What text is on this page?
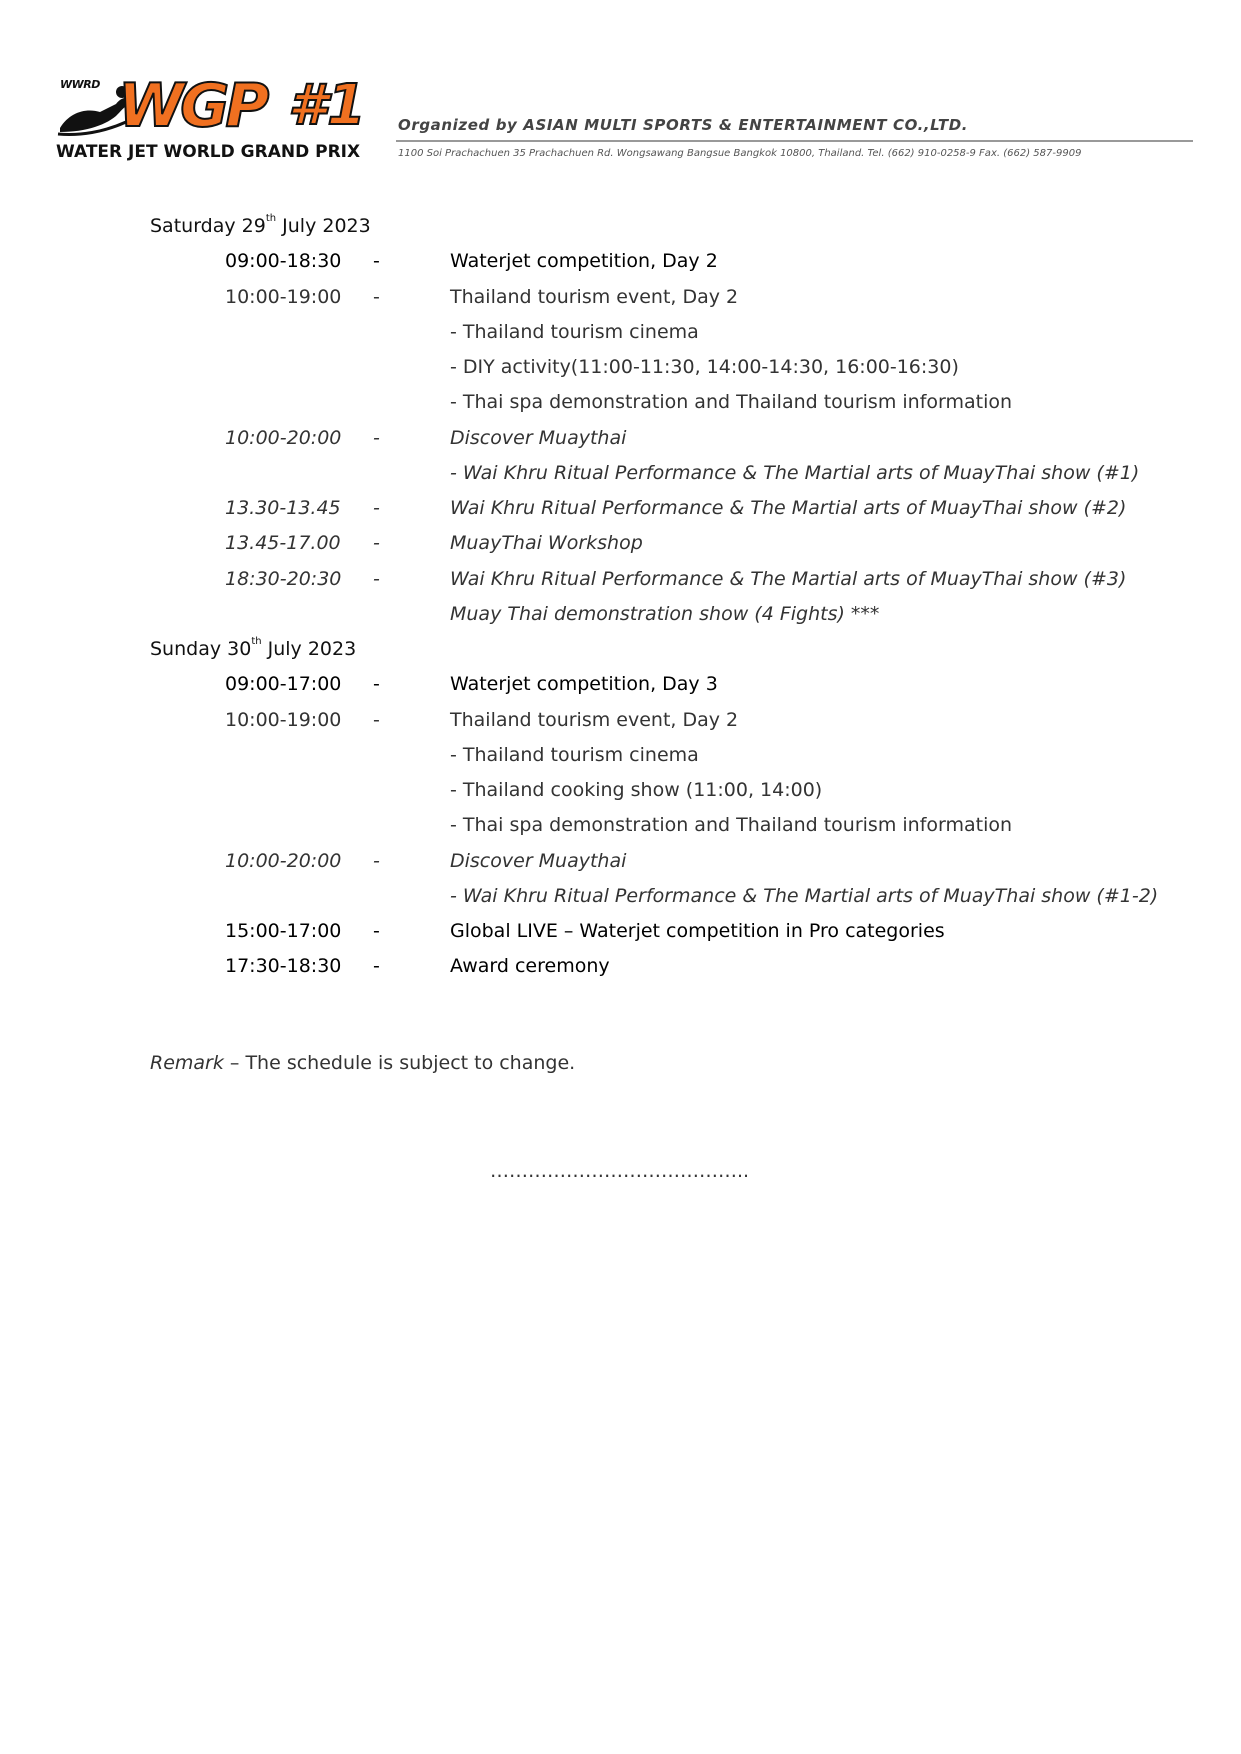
WWRD WGP #1
WATER JET WORLD GRAND PRIX
Organized by ASIAN MULTI SPORTS & ENTERTAINMENT CO.,LTD.
1100 Soi Prachachuen 35 Prachachuen Rd. Wongsawang Bangsue Bangkok 10800, Thailand. Tel. (662) 910-0258-9 Fax. (662) 587-9909
Saturday 29th July 2023
09:00-18:30 -	Waterjet competition, Day 2
10:00-19:00 -	Thailand tourism event, Day 2
- Thailand tourism cinema
- DIY activity(11:00-11:30, 14:00-14:30, 16:00-16:30)
- Thai spa demonstration and Thailand tourism information
10:00-20:00 -	Discover Muaythai
- Wai Khru Ritual Performance & The Martial arts of MuayThai show (#1)
13.30-13.45 -	Wai Khru Ritual Performance & The Martial arts of MuayThai show (#2)
13.45-17.00 -	MuayThai Workshop
18:30-20:30 -	Wai Khru Ritual Performance & The Martial arts of MuayThai show (#3)
Muay Thai demonstration show (4 Fights) ***
Sunday 30th July 2023
09:00-17:00 -	Waterjet competition, Day 3
10:00-19:00 -	Thailand tourism event, Day 2
- Thailand tourism cinema
- Thailand cooking show (11:00, 14:00)
- Thai spa demonstration and Thailand tourism information
10:00-20:00 -	Discover Muaythai
- Wai Khru Ritual Performance & The Martial arts of MuayThai show (#1-2)
15:00-17:00 -	Global LIVE – Waterjet competition in Pro categories
17:30-18:30 -	Award ceremony
Remark – The schedule is subject to change.
…………………………………..
